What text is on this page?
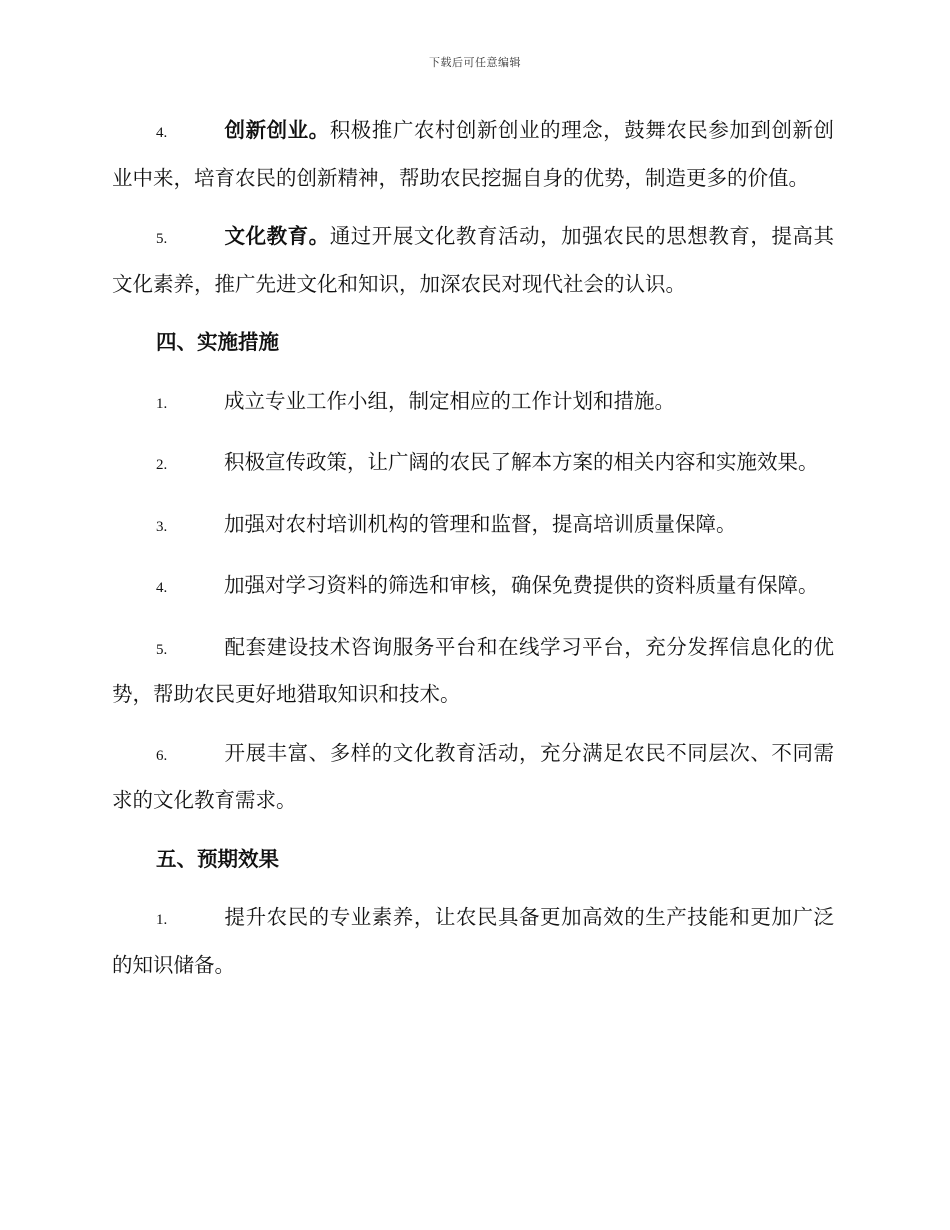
下载后可任意编辑

4.	创新创业。积极推广农村创新创业的理念，鼓舞农民参加到创新创业中来，培育农民的创新精神，帮助农民挖掘自身的优势，制造更多的价值。

5.	文化教育。通过开展文化教育活动，加强农民的思想教育，提高其文化素养，推广先进文化和知识，加深农民对现代社会的认识。

四、实施措施

1.	成立专业工作小组，制定相应的工作计划和措施。

2.	积极宣传政策，让广阔的农民了解本方案的相关内容和实施效果。

3.	加强对农村培训机构的管理和监督，提高培训质量保障。

4.	加强对学习资料的筛选和审核，确保免费提供的资料质量有保障。

5.	配套建设技术咨询服务平台和在线学习平台，充分发挥信息化的优势，帮助农民更好地猎取知识和技术。

6.	开展丰富、多样的文化教育活动，充分满足农民不同层次、不同需求的文化教育需求。

五、预期效果

1.	提升农民的专业素养，让农民具备更加高效的生产技能和更加广泛的知识储备。
